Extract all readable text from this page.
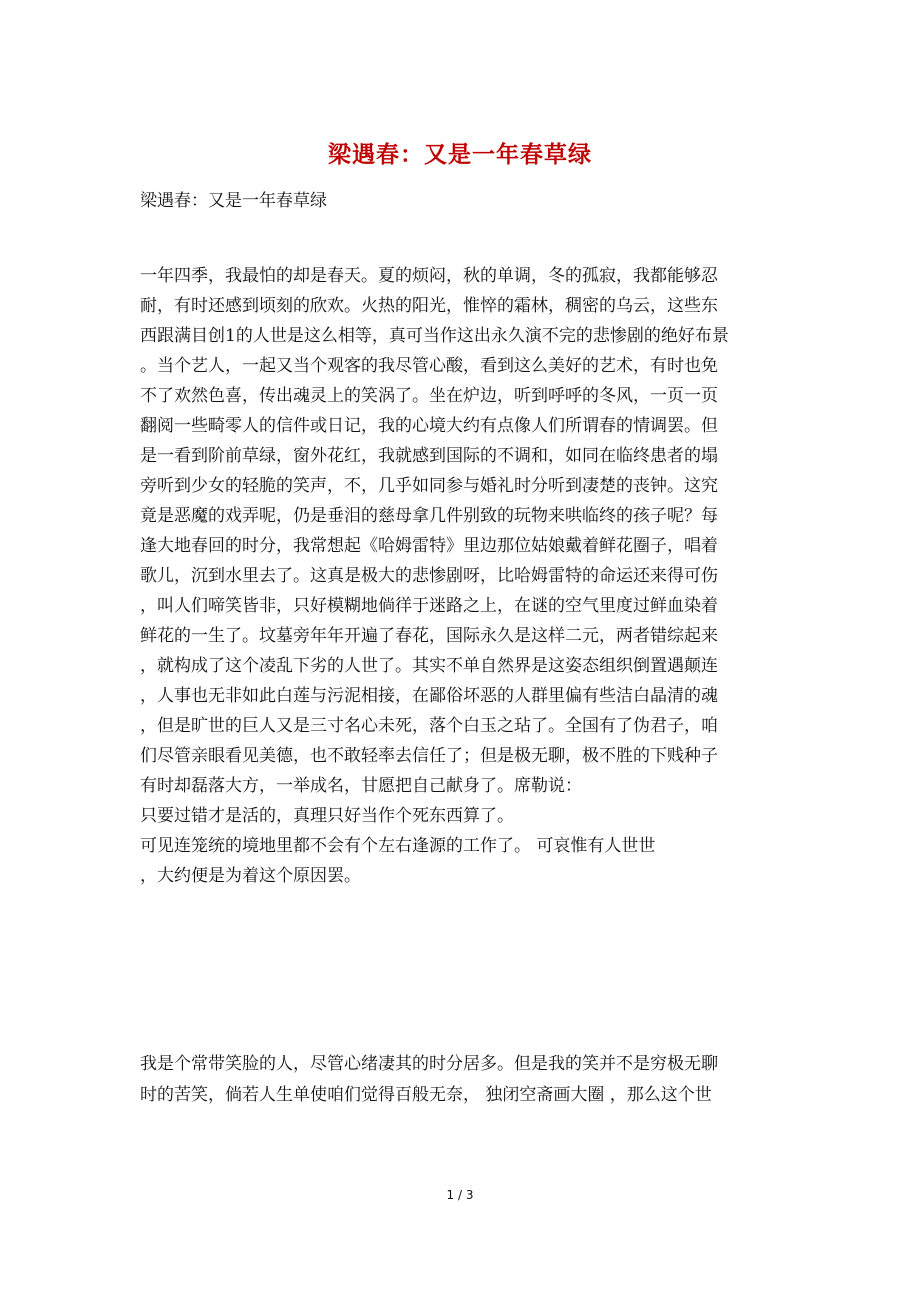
梁遇春：又是一年春草绿
梁遇春：又是一年春草绿
一年四季，我最怕的却是春天。夏的烦闷，秋的单调，冬的孤寂，我都能够忍
耐，有时还感到顷刻的欣欢。火热的阳光，惟悴的霜林，稠密的乌云，这些东
西跟满目创1的人世是这么相等，真可当作这出永久演不完的悲惨剧的绝好布景
。当个艺人，一起又当个观客的我尽管心酸，看到这么美好的艺术，有时也免
不了欢然色喜，传出魂灵上的笑涡了。坐在炉边，听到呼呼的冬风，一页一页
翻阅一些畸零人的信件或日记，我的心境大约有点像人们所谓春的情调罢。但
是一看到阶前草绿，窗外花红，我就感到国际的不调和，如同在临终患者的塌
旁听到少女的轻脆的笑声，不，几乎如同参与婚礼时分听到凄楚的丧钟。这究
竟是恶魔的戏弄呢，仍是垂泪的慈母拿几件别致的玩物来哄临终的孩子呢？每
逢大地春回的时分，我常想起《哈姆雷特》里边那位姑娘戴着鲜花圈子，唱着
歌儿，沉到水里去了。这真是极大的悲惨剧呀，比哈姆雷特的命运还来得可伤
，叫人们啼笑皆非，只好模糊地倘徉于迷路之上，在谜的空气里度过鲜血染着
鲜花的一生了。坟墓旁年年开遍了春花，国际永久是这样二元，两者错综起来
，就构成了这个凌乱下劣的人世了。其实不单自然界是这姿态组织倒置遇颠连
，人事也无非如此白莲与污泥相接，在鄙俗坏恶的人群里偏有些洁白晶清的魂
，但是旷世的巨人又是三寸名心未死，落个白玉之玷了。全国有了伪君子，咱
们尽管亲眼看见美德，也不敢轻率去信任了；但是极无聊，极不胜的下贱种子
有时却磊落大方，一举成名，甘愿把自己献身了。席勒说：
只要过错才是活的，真理只好当作个死东西算了。
可见连笼统的境地里都不会有个左右逢源的工作了。 可哀惟有人世世
，大约便是为着这个原因罢。
我是个常带笑脸的人，尽管心绪凄其的时分居多。但是我的笑并不是穷极无聊
时的苦笑，倘若人生单使咱们觉得百般无奈， 独闭空斋画大圈 ，那么这个世
1 / 3
